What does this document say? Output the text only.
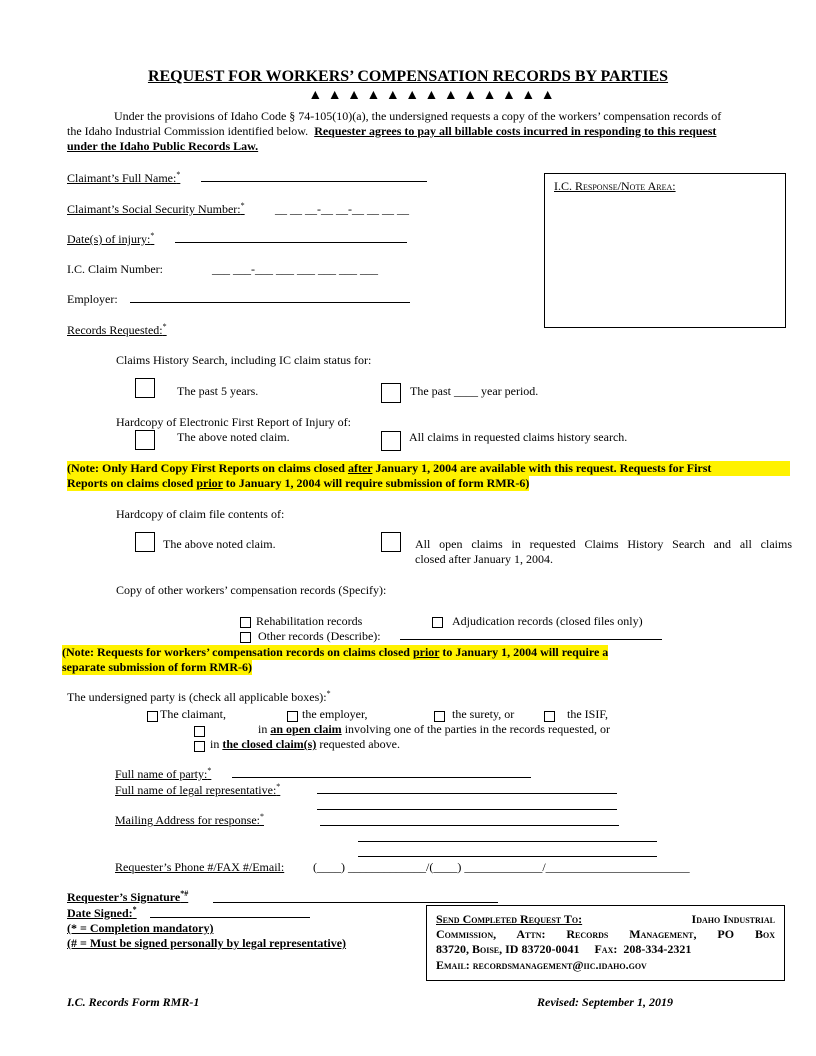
REQUEST FOR WORKERS’ COMPENSATION RECORDS BY PARTIES
▲ ▲ ▲ ▲ ▲ ▲ ▲ ▲ ▲ ▲ ▲ ▲ ▲
Under the provisions of Idaho Code § 74-105(10)(a), the undersigned requests a copy of the workers’ compensation records of
the Idaho Industrial Commission identified below. Requester agrees to pay all billable costs incurred in responding to this request
under the Idaho Public Records Law.
Claimant’s Full Name:*
Claimant’s Social Security Number:*	__ __ __-__ __-__ __ __ __
Date(s) of injury:*
I.C. Claim Number:	___ ___-___ ___ ___ ___ ___ ___
Employer:
Records Requested:*
I.C. Response/Note Area:
Claims History Search, including IC claim status for:
The past 5 years.	The past ____ year period.
Hardcopy of Electronic First Report of Injury of:
The above noted claim.	All claims in requested claims history search.
(Note: Only Hard Copy First Reports on claims closed after January 1, 2004 are available with this request. Requests for First
Reports on claims closed prior to January 1, 2004 will require submission of form RMR-6)
Hardcopy of claim file contents of:
The above noted claim.	All open claims in requested Claims History Search and all claims
closed after January 1, 2004.
Copy of other workers’ compensation records (Specify):
Rehabilitation records	Adjudication records (closed files only)
Other records (Describe):
(Note: Requests for workers’ compensation records on claims closed prior to January 1, 2004 will require a
separate submission of form RMR-6)
The undersigned party is (check all applicable boxes):*
The claimant,	the employer,	the surety, or	the ISIF,
in an open claim involving one of the parties in the records requested, or
in the closed claim(s) requested above.
Full name of party:*
Full name of legal representative:*
Mailing Address for response:*
Requester’s Phone #/FAX #/Email: (____) _____________/(____) _____________/________________________
Requester’s Signature*#
Date Signed:*
(* = Completion mandatory)
(# = Must be signed personally by legal representative)
Send Completed Request To:	Idaho Industrial
Commission, Attn: Records Management, PO Box
83720, Boise, ID 83720-0041     Fax:  208-334-2321
Email: recordsmanagement@iic.idaho.gov
I.C. Records Form RMR-1	Revised: September 1, 2019
